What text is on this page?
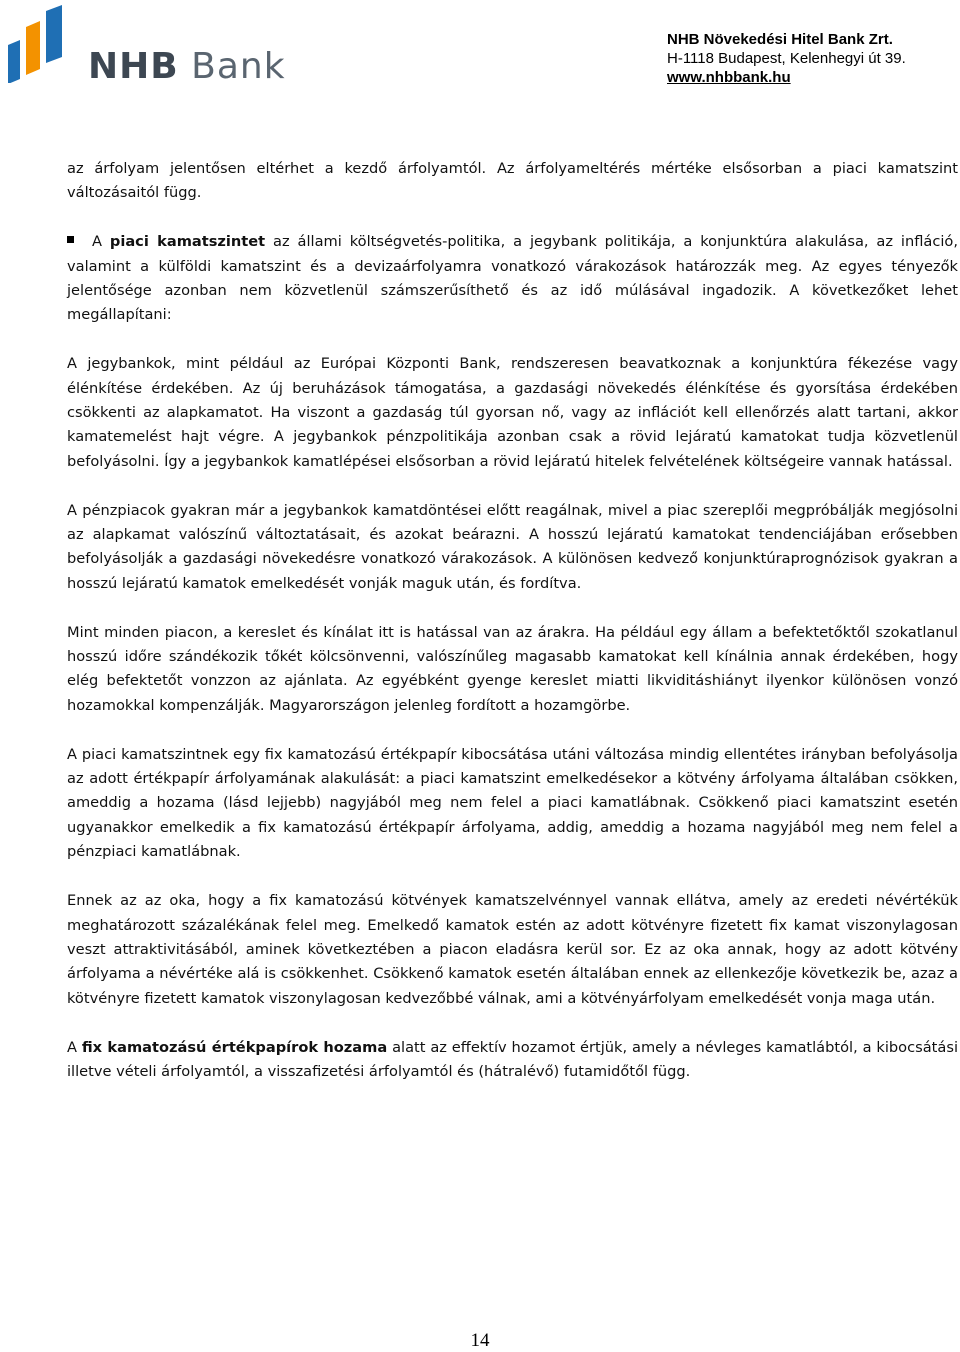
NHB Bank
NHB Növekedési Hitel Bank Zrt.
H-1118 Budapest, Kelenhegyi út 39.
www.nhbbank.hu

az árfolyam jelentősen eltérhet a kezdő árfolyamtól. Az árfolyameltérés mértéke elsősorban a piaci kamatszint változásaitól függ.

A piaci kamatszintet az állami költségvetés-politika, a jegybank politikája, a konjunktúra alakulása, az infláció, valamint a külföldi kamatszint és a devizaárfolyamra vonatkozó várakozások határozzák meg. Az egyes tényezők jelentősége azonban nem közvetlenül számszerűsíthető és az idő múlásával ingadozik. A következőket lehet megállapítani:

A jegybankok, mint például az Európai Központi Bank, rendszeresen beavatkoznak a konjunktúra fékezése vagy élénkítése érdekében. Az új beruházások támogatása, a gazdasági növekedés élénkítése és gyorsítása érdekében csökkenti az alapkamatot. Ha viszont a gazdaság túl gyorsan nő, vagy az inflációt kell ellenőrzés alatt tartani, akkor kamatemelést hajt végre. A jegybankok pénzpolitikája azonban csak a rövid lejáratú kamatokat tudja közvetlenül befolyásolni. Így a jegybankok kamatlépései elsősorban a rövid lejáratú hitelek felvételének költségeire vannak hatással.

A pénzpiacok gyakran már a jegybankok kamatdöntései előtt reagálnak, mivel a piac szereplői megpróbálják megjósolni az alapkamat valószínű változtatásait, és azokat beárazni. A hosszú lejáratú kamatokat tendenciájában erősebben befolyásolják a gazdasági növekedésre vonatkozó várakozások. A különösen kedvező konjunktúraprognózisok gyakran a hosszú lejáratú kamatok emelkedését vonják maguk után, és fordítva.

Mint minden piacon, a kereslet és kínálat itt is hatással van az árakra. Ha például egy állam a befektetőktől szokatlanul hosszú időre szándékozik tőkét kölcsönvenni, valószínűleg magasabb kamatokat kell kínálnia annak érdekében, hogy elég befektetőt vonzzon az ajánlata. Az egyébként gyenge kereslet miatti likviditáshiányt ilyenkor különösen vonzó hozamokkal kompenzálják. Magyarországon jelenleg fordított a hozamgörbe.

A piaci kamatszintnek egy fix kamatozású értékpapír kibocsátása utáni változása mindig ellentétes irányban befolyásolja az adott értékpapír árfolyamának alakulását: a piaci kamatszint emelkedésekor a kötvény árfolyama általában csökken, ameddig a hozama (lásd lejjebb) nagyjából meg nem felel a piaci kamatlábnak. Csökkenő piaci kamatszint esetén ugyanakkor emelkedik a fix kamatozású értékpapír árfolyama, addig, ameddig a hozama nagyjából meg nem felel a pénzpiaci kamatlábnak.

Ennek az az oka, hogy a fix kamatozású kötvények kamatszelvénnyel vannak ellátva, amely az eredeti névértékük meghatározott százalékának felel meg. Emelkedő kamatok estén az adott kötvényre fizetett fix kamat viszonylagosan veszt attraktivitásából, aminek következtében a piacon eladásra kerül sor. Ez az oka annak, hogy az adott kötvény árfolyama a névértéke alá is csökkenhet. Csökkenő kamatok esetén általában ennek az ellenkezője következik be, azaz a kötvényre fizetett kamatok viszonylagosan kedvezőbbé válnak, ami a kötvényárfolyam emelkedését vonja maga után.

A fix kamatozású értékpapírok hozama alatt az effektív hozamot értjük, amely a névleges kamatlábtól, a kibocsátási illetve vételi árfolyamtól, a visszafizetési árfolyamtól és (hátralévő) futamidőtől függ.

14
